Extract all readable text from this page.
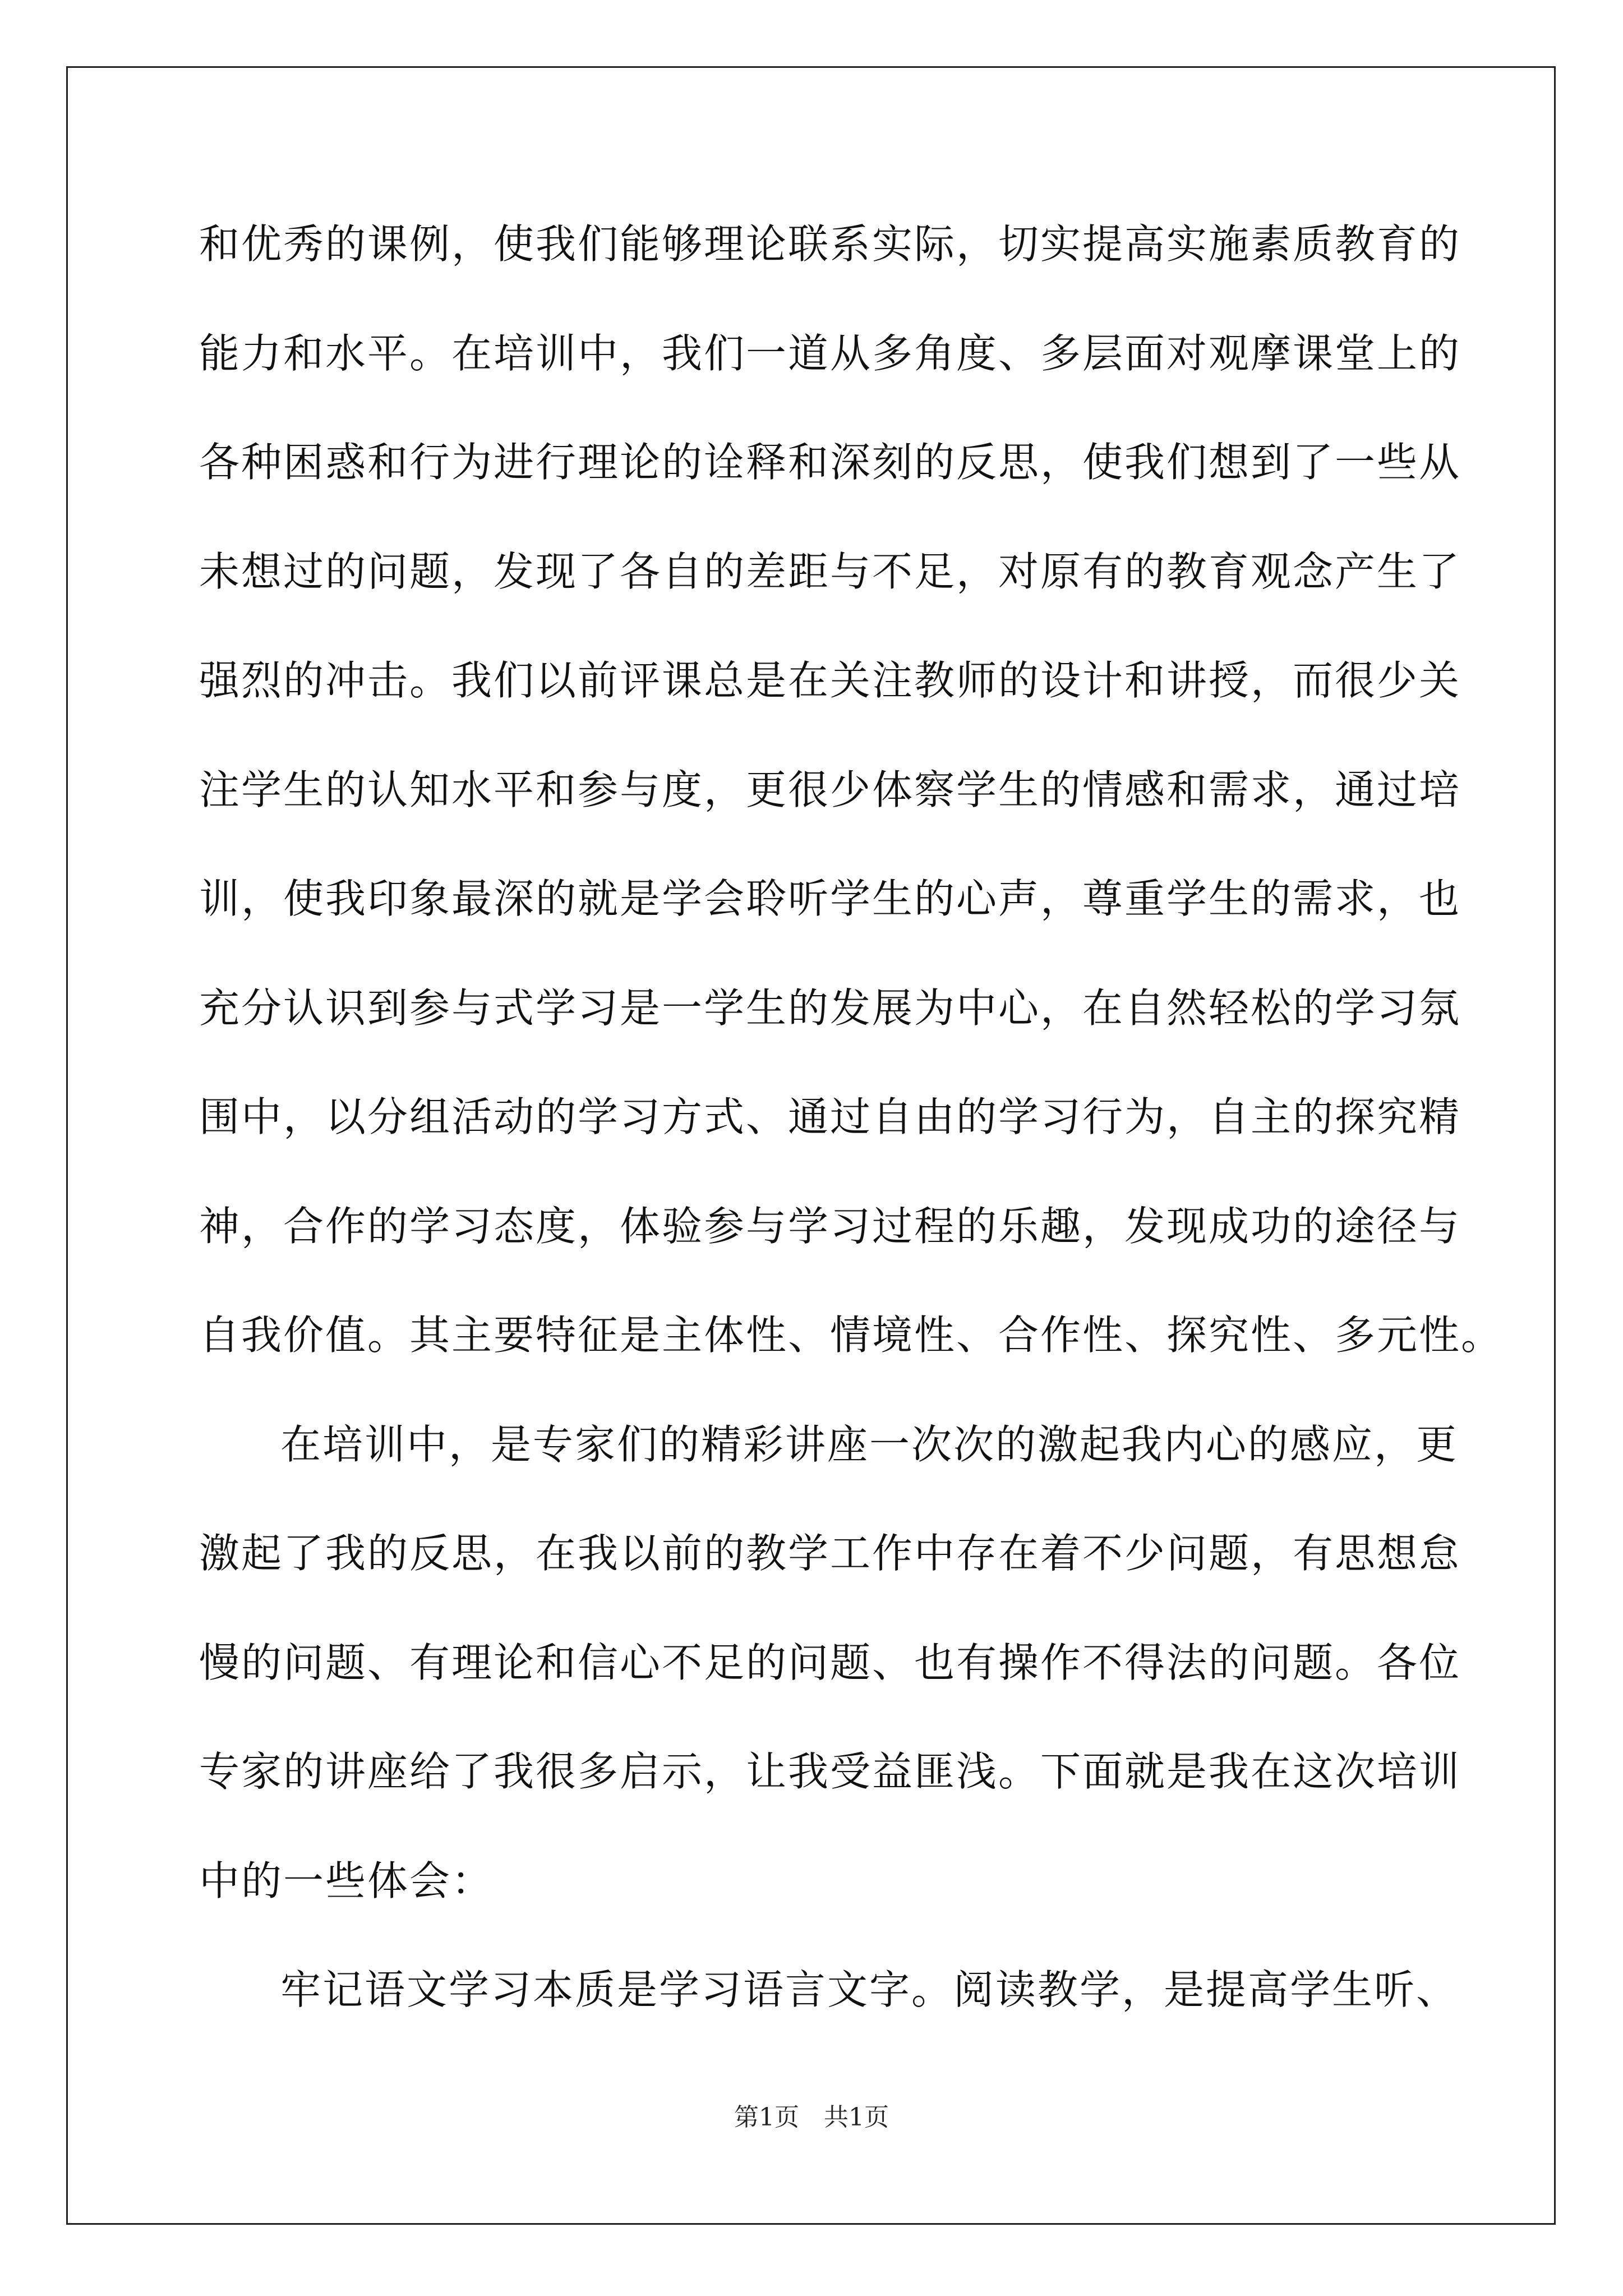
和优秀的课例，使我们能够理论联系实际，切实提高实施素质教育的
能力和水平。在培训中，我们一道从多角度、多层面对观摩课堂上的
各种困惑和行为进行理论的诠释和深刻的反思，使我们想到了一些从
未想过的问题，发现了各自的差距与不足，对原有的教育观念产生了
强烈的冲击。我们以前评课总是在关注教师的设计和讲授，而很少关
注学生的认知水平和参与度，更很少体察学生的情感和需求，通过培
训，使我印象最深的就是学会聆听学生的心声，尊重学生的需求，也
充分认识到参与式学习是一学生的发展为中心，在自然轻松的学习氛
围中，以分组活动的学习方式、通过自由的学习行为，自主的探究精
神，合作的学习态度，体验参与学习过程的乐趣，发现成功的途径与
自我价值。其主要特征是主体性、情境性、合作性、探究性、多元性。
在培训中，是专家们的精彩讲座一次次的激起我内心的感应，更
激起了我的反思，在我以前的教学工作中存在着不少问题，有思想怠
慢的问题、有理论和信心不足的问题、也有操作不得法的问题。各位
专家的讲座给了我很多启示，让我受益匪浅。下面就是我在这次培训
中的一些体会：
牢记语文学习本质是学习语言文字。阅读教学，是提高学生听、
第1页　共1页
